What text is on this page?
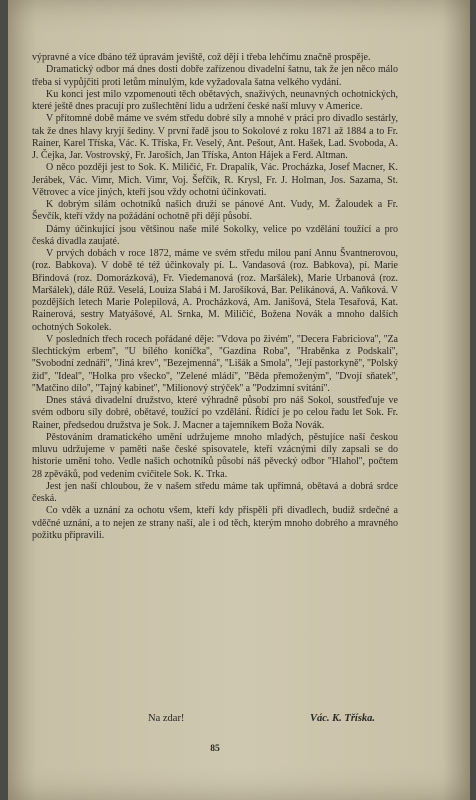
výpravné a více dbáno též úpravám jeviště, což dějí i třeba lehčímu značně prospěje.

Dramatický odbor má dnes dosti dobře zařízenou divadelní šatnu, tak že jen něco málo třeba si vypůjčiti proti letům minulým, kde vyžadovala šatna velkého vydání.

Ku konci jest milo vzpomenouti těch obětavých, snaživých, neunavných ochotnických, které ještě dnes pracují pro zušlechtění lidu a udržení české naší mluvy v Americe.

V přítomné době máme ve svém středu dobré síly a mnohé v práci pro divadlo sestárly, tak že dnes hlavy kryjí šediny. V první řadě jsou to Sokolové z roku 1871 až 1884 a to Fr. Rainer, Karel Tříska, Vác. K. Tříska, Fr. Veselý, Ant. Pešout, Ant. Hašek, Lad. Svoboda, A. J. Čejka, Jar. Vostrovský, Fr. Jaroších, Jan Tříska, Anton Hájek a Ferd. Altman.

O něco později jest to Sok. K. Miličić, Fr. Drapalík, Vác. Procházka, Josef Macner, K. Jerábek, Vác. Vimr, Mich. Vimr, Voj. Šefčík, R. Krysl, Fr. J. Holman, Jos. Sazama, St. Větrovec a více jiných, kteří jsou vždy ochotni účinkovati.

K dobrým silám ochotníků našich druží se pánové Ant. Vudy, M. Žaloudek a Fr. Ševčík, kteří vždy na požádání ochotně při dějí působí.

Dámy účinkující jsou většinou naše milé Sokolky, velice po vzdělání toužící a pro česká divadla zaujaté.

V prvých dobách v roce 1872, máme ve svém středu milou paní Annu Švantnerovou, (roz. Babkova). V době té též účinkovaly pí. L. Vandasová (roz. Babkova), pí. Marie Břindová (roz. Domorázková), Fr. Viedemanová (roz. Maršálek), Marie Urbanová (roz. Maršálek), dále Rūž. Veselá, Louiza Slabá i M. Jarošíková, Bar. Pelikánová, A. Vaňková. V pozdějších letech Marie Polepilová, A. Procházková, Am. Janišová, Stela Tesařová, Kat. Rainerová, sestry Matyášové, Al. Srnka, M. Miličić, Božena Novák a mnoho dalších ochotných Sokolek.

V posledních třech rocech pořádané děje: ''Vdova po živém'', ''Decera Fabriciova'', ''Za šlechtickým erbem'', ''U bílého koníčka'', ''Gazdina Roba'', ''Hraběnka z Podskalí'', ''Svobodní zednáři'', ''Jiná krev'', ''Bezejmenná'', ''Lišák a Smola'', ''Její pastorkyně'', ''Polský žid'', ''Ideal'', ''Holka pro všecko'', ''Zelené mládí'', ''Běda přemoženým'', ''Dvojí sňatek'', ''Matčino dílo'', ''Tajný kabinet'', ''Milionový strýček'' a ''Podzimní svítání''.

Dnes stává divadelní družstvo, které výhradně působí pro náš Sokol, soustřeďuje ve svém odboru síly dobré, obětavé, toužící po vzdělání. Řídící je po celou řadu let Sok. Fr. Rainer, předsedou družstva je Sok. J. Macner a tajemníkem Boža Novák.

Pěstováním dramatického umění udržujeme mnoho mladých, pěstujíce naší českou mluvu udržujeme v paměti naše české spisovatele, kteří vzácnými díly zapsali se do historie umění toho. Vedle našich ochotníků působí náš pěvecký odbor ''Hlahol'', počtem 28 zpěváků, pod vedením cvičitele Sok. K. Trka.

Jest jen naší chloubou, že v našem středu máme tak upřímná, obětavá a dobrá srdce česká.

Co vděk a uznání za ochotu všem, kteří kdy přispěli při divadlech, budiž srdečné a vděčné uznání, a to nejen ze strany naší, ale i od těch, kterým mnoho dobrého a mravného požitku připravili.

Na zdar!	Vác. K. Tříska.
85
